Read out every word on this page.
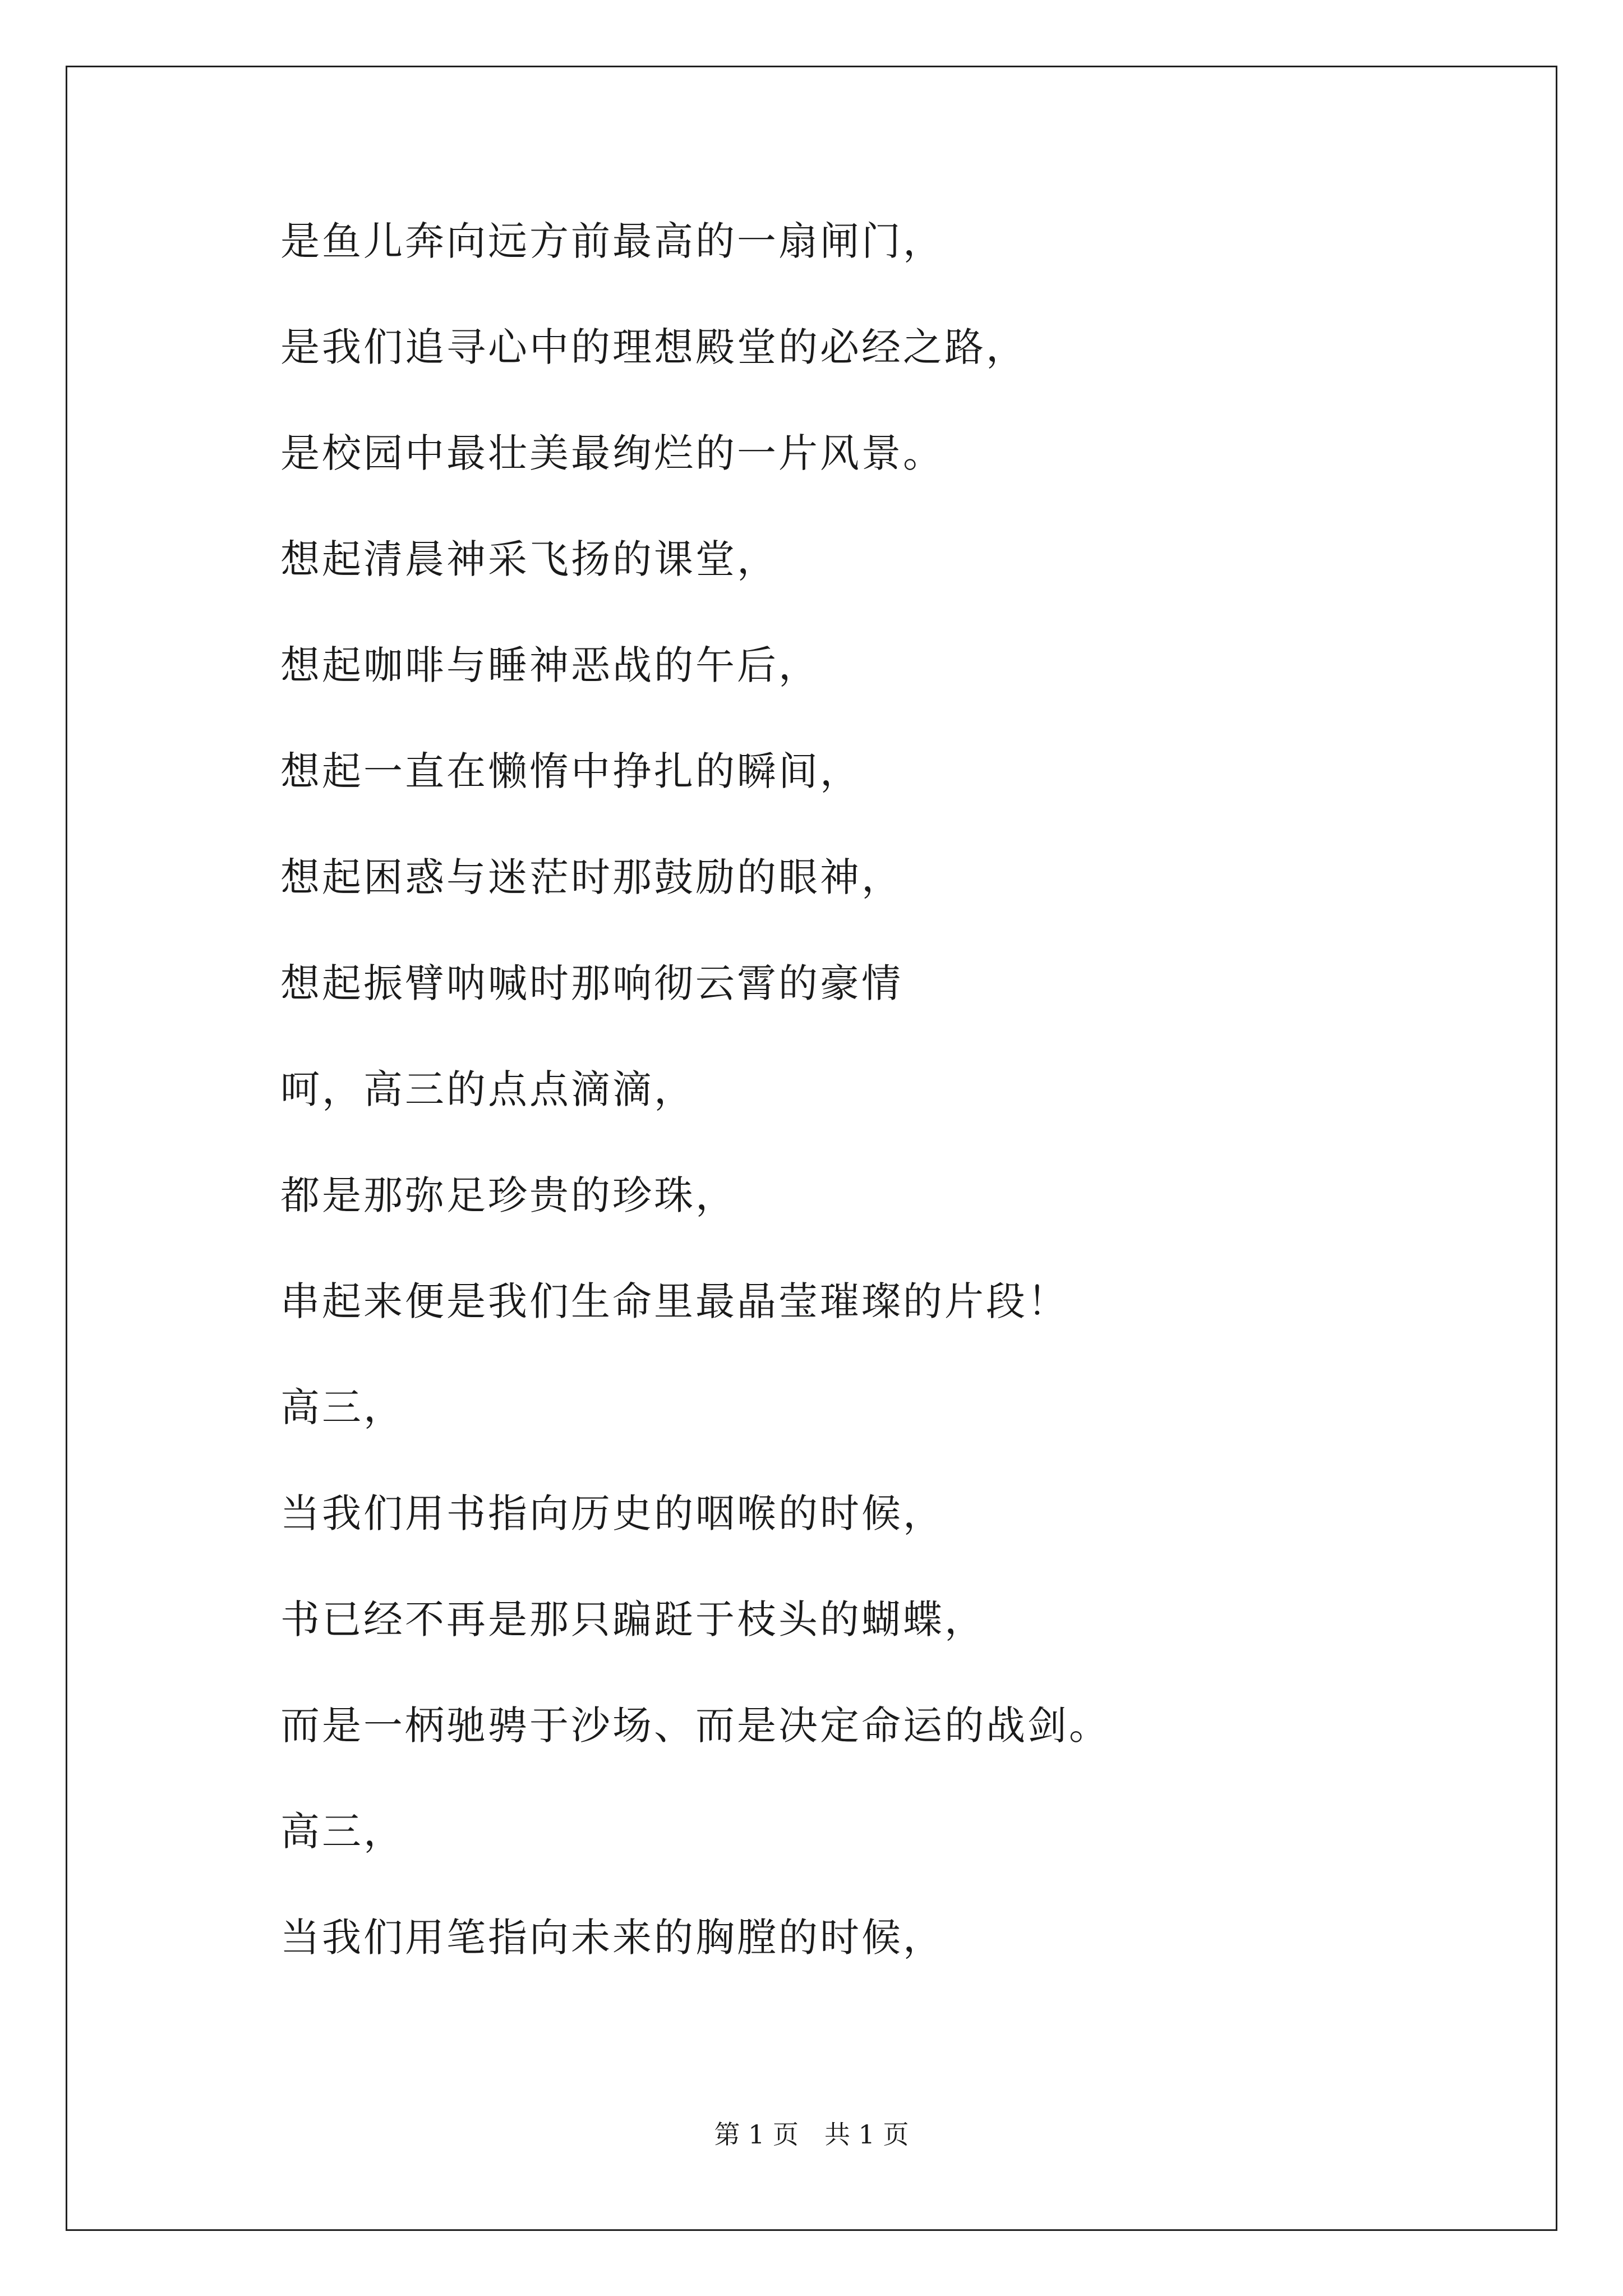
是鱼儿奔向远方前最高的一扇闸门，
是我们追寻心中的理想殿堂的必经之路，
是校园中最壮美最绚烂的一片风景。
想起清晨神采飞扬的课堂，
想起咖啡与睡神恶战的午后，
想起一直在懒惰中挣扎的瞬间，
想起困惑与迷茫时那鼓励的眼神，
想起振臂呐喊时那响彻云霄的豪情
呵，高三的点点滴滴，
都是那弥足珍贵的珍珠，
串起来便是我们生命里最晶莹璀璨的片段！
高三，
当我们用书指向历史的咽喉的时候，
书已经不再是那只蹁跹于枝头的蝴蝶，
而是一柄驰骋于沙场、而是决定命运的战剑。
高三，
当我们用笔指向未来的胸膛的时候，
第 1 页　共 1 页
